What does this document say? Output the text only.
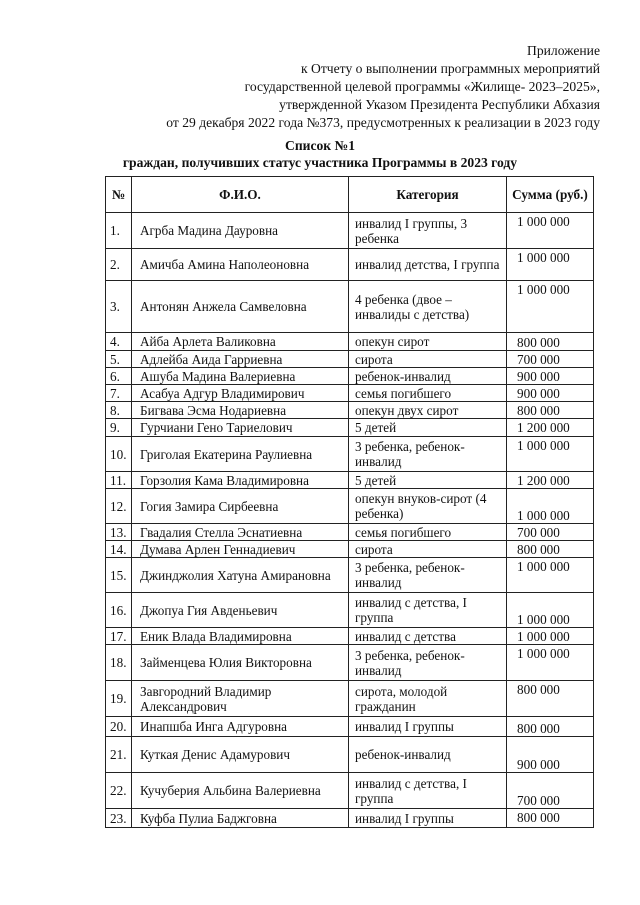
Приложение
к Отчету о выполнении программных мероприятий
государственной целевой программы «Жилище- 2023–2025»,
утвержденной Указом Президента Республики Абхазия
от 29 декабря 2022 года №373, предусмотренных к реализации в 2023 году
Список №1
граждан, получивших статус участника Программы в 2023 году
№	Ф.И.О.	Категория	Сумма (руб.)
1.	Агрба Мадина Дауровна	инвалид I группы, 3 ребенка	1 000 000
2.	Амичба Амина Наполеоновна	инвалид детства, I группа	1 000 000
3.	Антонян Анжела Самвеловна	4 ребенка (двое – инвалиды с детства)	1 000 000
4.	Айба Арлета Валиковна	опекун сирот	800 000
5.	Адлейба Аида Гарриевна	сирота	700 000
6.	Ашуба Мадина Валериевна	ребенок-инвалид	900 000
7.	Асабуа Адгур Владимирович	семья погибшего	900 000
8.	Бигвава Эсма Нодариевна	опекун двух сирот	800 000
9.	Гурчиани Гено Тариелович	5 детей	1 200 000
10.	Григолая Екатерина Раулиевна	3 ребенка, ребенок-инвалид	1 000 000
11.	Горзолия Кама Владимировна	5 детей	1 200 000
12.	Гогия Замира Сирбеевна	опекун внуков-сирот (4 ребенка)	1 000 000
13.	Гвадалия Стелла Эснатиевна	семья погибшего	700 000
14.	Думава Арлен Геннадиевич	сирота	800 000
15.	Джинджолия Хатуна Амирановна	3 ребенка, ребенок-инвалид	1 000 000
16.	Джопуа Гия Авденьевич	инвалид с детства, I группа	1 000 000
17.	Еник Влада Владимировна	инвалид с детства	1 000 000
18.	Займенцева Юлия Викторовна	3 ребенка, ребенок-инвалид	1 000 000
19.	Завгородний Владимир Александрович	сирота, молодой гражданин	800 000
20.	Инапшба Инга Адгуровна	инвалид I группы	800 000
21.	Куткая Денис Адамурович	ребенок-инвалид	900 000
22.	Кучуберия Альбина Валериевна	инвалид с детства, I группа	700 000
23.	Куфба Пулиа Баджговна	инвалид I группы	800 000
